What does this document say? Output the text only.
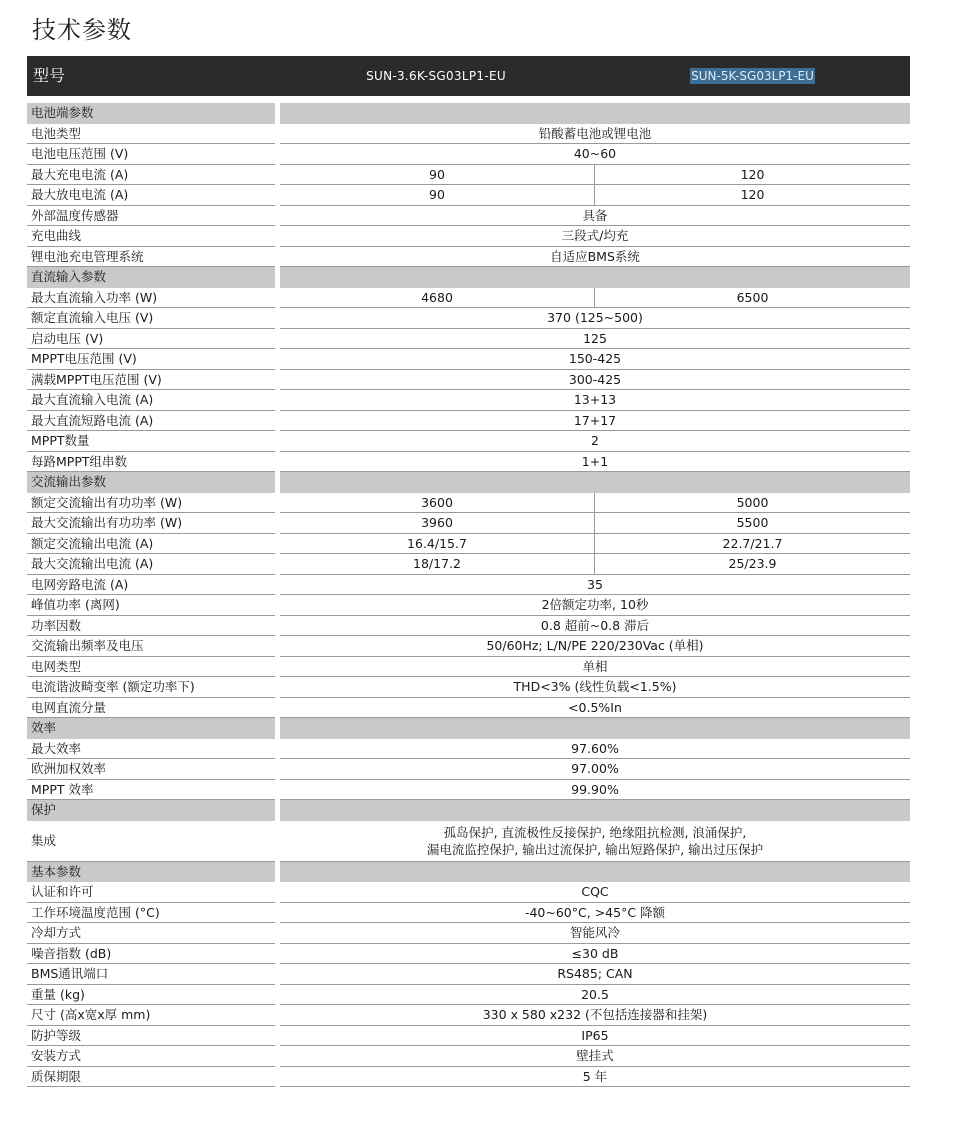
技术参数
型号	SUN-3.6K-SG03LP1-EU	SUN-5K-SG03LP1-EU
电池端参数
电池类型	铅酸蓄电池或锂电池
电池电压范围 (V)	40~60
最大充电电流 (A)	90	120
最大放电电流 (A)	90	120
外部温度传感器	具备
充电曲线	三段式/均充
锂电池充电管理系统	自适应BMS系统
直流输入参数
最大直流输入功率 (W)	4680	6500
额定直流输入电压 (V)	370 (125~500)
启动电压 (V)	125
MPPT电压范围 (V)	150-425
满载MPPT电压范围 (V)	300-425
最大直流输入电流 (A)	13+13
最大直流短路电流 (A)	17+17
MPPT数量	2
每路MPPT组串数	1+1
交流输出参数
额定交流输出有功功率 (W)	3600	5000
最大交流输出有功功率 (W)	3960	5500
额定交流输出电流 (A)	16.4/15.7	22.7/21.7
最大交流输出电流 (A)	18/17.2	25/23.9
电网旁路电流 (A)	35
峰值功率 (离网)	2倍额定功率, 10秒
功率因数	0.8 超前~0.8 滞后
交流输出频率及电压	50/60Hz; L/N/PE 220/230Vac (单相)
电网类型	单相
电流谐波畸变率 (额定功率下)	THD<3% (线性负载<1.5%)
电网直流分量	<0.5%In
效率
最大效率	97.60%
欧洲加权效率	97.00%
MPPT 效率	99.90%
保护
集成
孤岛保护, 直流极性反接保护, 绝缘阻抗检测, 浪涌保护,
漏电流监控保护, 输出过流保护, 输出短路保护, 输出过压保护
基本参数
认证和许可	CQC
工作环境温度范围 (°C)	-40~60°C, >45°C 降额
冷却方式	智能风冷
噪音指数 (dB)	≤30 dB
BMS通讯端口	RS485; CAN
重量 (kg)	20.5
尺寸 (高x宽x厚 mm)	330 x 580 x232 (不包括连接器和挂架)
防护等级	IP65
安装方式	壁挂式
质保期限	5 年
